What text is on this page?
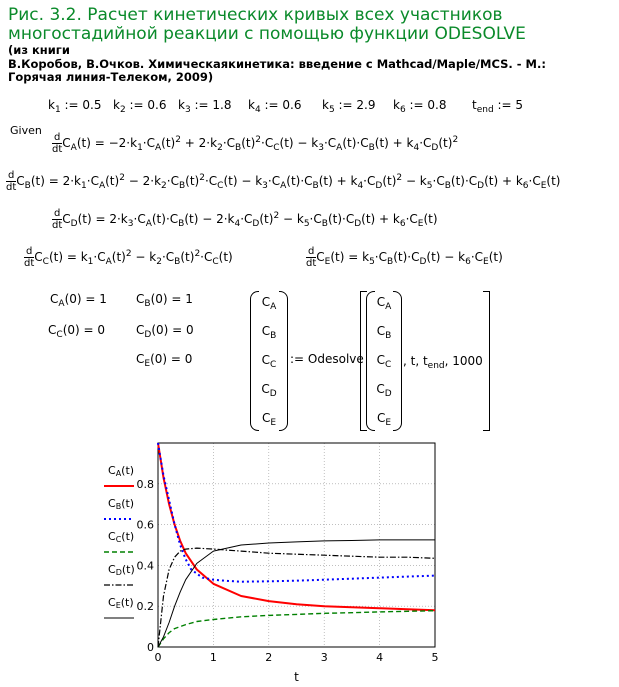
Рис. 3.2. Расчет кинетических кривых всех участников
многостадийной реакции с помощью функции ODESOLVE
(из книги
В.Коробов, В.Очков. Химическаякинетика: введение с Mathcad/Maple/MCS. - М.:
Горячая линия-Телеком, 2009)
$k_1$ := 0.5 $k_2$ := 0.6 $k_3$ := 1.8 $k_4$ := 0.6 $k_5$ := 2.9 $k_6$ := 0.8 $t_{end}$ := 5
Given
$\frac{d}{dt} C_A(t) = -2\cdot k_1\cdot C_A(t)^2 + 2\cdot k_2\cdot C_B(t)^2\cdot C_C(t) - k_3\cdot C_A(t)\cdot C_B(t) + k_4\cdot C_D(t)^2$
$\frac{d}{dt} C_B(t) = 2\cdot k_1\cdot C_A(t)^2 - 2\cdot k_2\cdot C_B(t)^2\cdot C_C(t) - k_3\cdot C_A(t)\cdot C_B(t) + k_4\cdot C_D(t)^2 - k_5\cdot C_B(t)\cdot C_D(t) + k_6\cdot C_E(t)$
$\frac{d}{dt} C_D(t) = 2\cdot k_3\cdot C_A(t)\cdot C_B(t) - 2\cdot k_4\cdot C_D(t)^2 - k_5\cdot C_B(t)\cdot C_D(t) + k_6\cdot C_E(t)$
$\frac{d}{dt} C_C(t) = k_1\cdot C_A(t)^2 - k_2\cdot C_B(t)^2\cdot C_C(t)$	$\frac{d}{dt} C_E(t) = k_5\cdot C_B(t)\cdot C_D(t) - k_6\cdot C_E(t)$
$C_A(0) = 1$ $C_B(0) = 1$
$C_C(0) = 0$	$C_D(0) = 0$
$C_E(0) = 0$
$C_A$
$C_B$
$C_C$
$C_D$
$C_E$
:= Odesolve
$C_A$
$C_B$
$C_C$
$C_D$
$C_E$
, t, $t_{end}$, 1000
$C_A(t)$
$C_B(t)$
$C_C(t)$
$C_D(t)$
$C_E(t)$
0	1	2	3	4	5
0
0.2
0.4
0.6
0.8
t
